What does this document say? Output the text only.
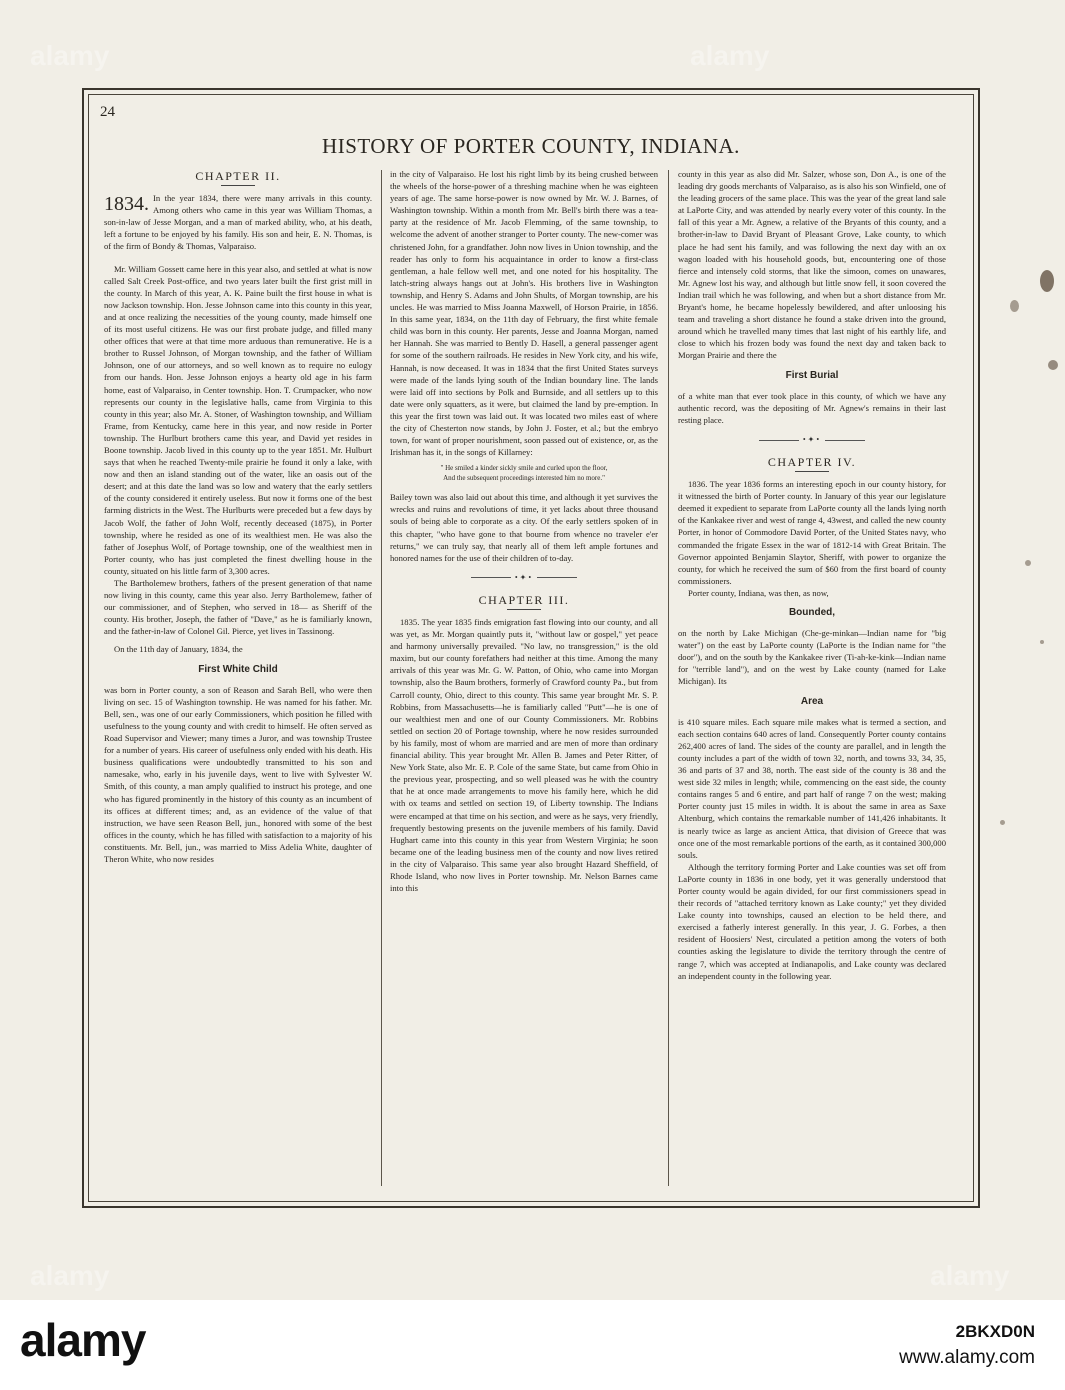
24
HISTORY OF PORTER COUNTY, INDIANA.
CHAPTER II.

1834. In the year 1834, there were many arrivals in this county. Among others who came in this year was William Thomas, a son-in-law of Jesse Morgan, and a man of marked ability, who, at his death, left a fortune to be enjoyed by his family. His son and heir, E. N. Thomas, is of the firm of Bondy & Thomas, Valparaiso.

Mr. William Gossett came here in this year also, and settled at what is now called Salt Creek Post-office, and two years later built the first grist mill in the county. In March of this year, A. K. Paine built the first house in what is now Jackson township. Hon. Jesse Johnson came into this county in this year, and at once realizing the necessities of the young county, made himself one of its most useful citizens. He was our first probate judge, and filled many other offices that were at that time more arduous than remunerative. He is a brother to Russel Johnson, of Morgan township, and the father of William Johnson, one of our attorneys, and so well known as to require no eulogy from our hands. Hon. Jesse Johnson enjoys a hearty old age in his farm home, east of Valparaiso, in Center township. Hon. T. Crumpacker, who now represents our county in the legislative halls, came from Virginia to this county in this year; also Mr. A. Stoner, of Washington township, and William Frame, from Kentucky, came here in this year, and now reside in Porter township. The Hurlburt brothers came this year, and David yet resides in Boone township. Jacob lived in this county up to the year 1851. Mr. Hulburt says that when he reached Twenty-mile prairie he found it only a lake, with now and then an island standing out of the water, like an oasis out of the desert; and at this date the land was so low and watery that the early settlers of the county considered it entirely useless. But now it forms one of the best farming districts in the West. The Hurlburts were preceded but a few days by Jacob Wolf, the father of John Wolf, recently deceased (1875), in Porter township, where he resided as one of its wealthiest men. He was also the father of Josephus Wolf, of Portage township, one of the wealthiest men in Porter county, who has just completed the finest dwelling house in the county, situated on his little farm of 3,300 acres.

The Bartholemew brothers, fathers of the present generation of that name now living in this county, came this year also. Jerry Bartholemew, father of our commissioner, and of Stephen, who served in 18— as Sheriff of the county. His brother, Joseph, the father of "Dave," as he is familiarly known, and the father-in-law of Colonel Gil. Pierce, yet lives in Tassinong.

On the 11th day of January, 1834, the

First White Child

was born in Porter county, a son of Reason and Sarah Bell, who were then living on sec. 15 of Washington township. He was named for his father. Mr. Bell, sen., was one of our early Commissioners, which position he filled with usefulness to the young county and with credit to himself. He often served as Road Supervisor and Viewer; many times a Juror, and was township Trustee for a number of years. His career of usefulness only ended with his death. His business qualifications were undoubtedly transmitted to his son and namesake, who, early in his juvenile days, went to live with Sylvester W. Smith, of this county, a man amply qualified to instruct his protege, and one who has figured prominently in the history of this county as an incumbent of its offices at different times; and, as an evidence of the value of that instruction, we have seen Reason Bell, jun., honored with some of the best offices in the county, which he has filled with satisfaction to a majority of his constituents. Mr. Bell, jun., was married to Miss Adelia White, daughter of Theron White, who now resides

in the city of Valparaiso. He lost his right limb by its being crushed between the wheels of the horse-power of a threshing machine when he was eighteen years of age. The same horse-power is now owned by Mr. W. J. Barnes, of Washington township. Within a month from Mr. Bell's birth there was a tea-party at the residence of Mr. Jacob Flemming, of the same township, to welcome the advent of another stranger to Porter county. The new-comer was christened John, for a grandfather. John now lives in Union township, and the reader has only to form his acquaintance in order to know a first-class gentleman, a hale fellow well met, and one noted for his hospitality. The latch-string always hangs out at John's. His brothers live in Washington township, and Henry S. Adams and John Shults, of Morgan township, are his uncles. He was married to Miss Joanna Maxwell, of Horson Prairie, in 1856. In this same year, 1834, on the 11th day of February, the first white female child was born in this county. Her parents, Jesse and Joanna Morgan, named her Hannah. She was married to Bently D. Hasell, a general passenger agent for some of the southern railroads. He resides in New York city, and his wife, Hannah, is now deceased. It was in 1834 that the first United States surveys were made of the lands lying south of the Indian boundary line. The lands were laid off into sections by Polk and Burnside, and all settlers up to this date were only squatters, as it were, but claimed the land by pre-emption. In this year the first town was laid out. It was located two miles east of where the city of Chesterton now stands, by John J. Foster, et al.; but the embryo town, for want of proper nourishment, soon passed out of existence, or, as the Irishman has it, in the songs of Killarney:

" He smiled a kinder sickly smile and curled upon the floor,
And the subsequent proceedings interested him no more."

Bailey town was also laid out about this time, and although it yet survives the wrecks and ruins and revolutions of time, it yet lacks about three thousand souls of being able to corporate as a city. Of the early settlers spoken of in this chapter, "who have gone to that bourne from whence no traveler e'er returns," we can truly say, that nearly all of them left ample fortunes and honored names for the use of their children of to-day.

•✦•
CHAPTER III.

1835. The year 1835 finds emigration fast flowing into our county, and all was yet, as Mr. Morgan quaintly puts it, "without law or gospel," yet peace and harmony universally prevailed. "No law, no transgression," is the old maxim, but our county forefathers had neither at this time. Among the many arrivals of this year was Mr. G. W. Patton, of Ohio, who came into Morgan township, also the Baum brothers, formerly of Crawford county Pa., but from Carroll county, Ohio, direct to this county. This same year brought Mr. S. P. Robbins, from Massachusetts—he is familiarly called "Putt"—he is one of our wealthiest men and one of our County Commissioners. Mr. Robbins settled on section 20 of Portage township, where he now resides surrounded by his family, most of whom are married and are men of more than ordinary financial ability. This year brought Mr. Allen B. James and Peter Ritter, of New York State, also Mr. E. P. Cole of the same State, but came from Ohio in the previous year, prospecting, and so well pleased was he with the country that he at once made arrangements to move his family here, which he did with ox teams and settled on section 19, of Liberty township. The Indians were encamped at that time on his section, and were as he says, very friendly, frequently bestowing presents on the juvenile members of his family. David Hughart came into this county in this year from Western Virginia; he soon became one of the leading business men of the county and now lives retired in the city of Valparaiso. This same year also brought Hazard Sheffield, of Rhode Island, who now lives in Porter township. Mr. Nelson Barnes came into this

county in this year as also did Mr. Salzer, whose son, Don A., is one of the leading dry goods merchants of Valparaiso, as is also his son Winfield, one of the leading grocers of the same place. This was the year of the great land sale at LaPorte City, and was attended by nearly every voter of this county. In the fall of this year a Mr. Agnew, a relative of the Bryants of this county, and a brother-in-law to David Bryant of Pleasant Grove, Lake county, to which place he had sent his family, and was following the next day with an ox wagon loaded with his household goods, but, encountering one of those fierce and intensely cold storms, that like the simoon, comes on unawares, Mr. Agnew lost his way, and although but little snow fell, it soon covered the Indian trail which he was following, and when but a short distance from Mr. Bryant's home, he became hopelessly bewildered, and after unloosing his team and traveling a short distance he found a stake driven into the ground, around which he travelled many times that last night of his earthly life, and close to which his frozen body was found the next day and taken back to Morgan Prairie and there the

First Burial

of a white man that ever took place in this county, of which we have any authentic record, was the depositing of Mr. Agnew's remains in their last resting place.

•✦•
CHAPTER IV.

1836. The year 1836 forms an interesting epoch in our county history, for it witnessed the birth of Porter county. In January of this year our legislature deemed it expedient to separate from LaPorte county all the lands lying north of the Kankakee river and west of range 4, 43west, and called the new county Porter, in honor of Commodore David Porter, of the United States navy, who commanded the frigate Essex in the war of 1812-14 with Great Britain. The Governor appointed Benjamin Slaytor, Sheriff, with power to organize the county, for which he received the sum of $60 from the first board of county commissioners.

Porter county, Indiana, was then, as now,

Bounded,

on the north by Lake Michigan (Che-ge-minkan—Indian name for "big water") on the east by LaPorte county (LaPorte is the Indian name for "the door"), and on the south by the Kankakee river (Ti-ah-ke-kink—Indian name for "terrible land"), and on the west by Lake county (named for Lake Michigan). Its

Area

is 410 square miles. Each square mile makes what is termed a section, and each section contains 640 acres of land. Consequently Porter county contains 262,400 acres of land. The sides of the county are parallel, and in length the county includes a part of the width of town 32, north, and towns 33, 34, 35, 36 and parts of 37 and 38, north. The east side of the county is 38 and the west side 32 miles in length; while, commencing on the east side, the county contains ranges 5 and 6 entire, and part half of range 7 on the west; making Porter county just 15 miles in width. It is about the same in area as Saxe Altenburg, which contains the remarkable number of 141,426 inhabitants. It is nearly twice as large as ancient Attica, that division of Greece that was once one of the most remarkable portions of the earth, as it contained 300,000 souls.

Although the territory forming Porter and Lake counties was set off from LaPorte county in 1836 in one body, yet it was generally understood that Porter county would be again divided, for our first commissioners spead in their records of "attached territory known as Lake county;" yet they divided Lake county into townships, caused an election to be held there, and exercised a fatherly interest generally. In this year, J. G. Forbes, a then resident of Hoosiers' Nest, circulated a petition among the voters of both counties asking the legislature to divide the territory through the centre of range 7, which was accepted at Indianapolis, and Lake county was declared an independent county in the following year.

alamy	alamy
alamy	alamy
alamy	2BKXD0N
www.alamy.com
